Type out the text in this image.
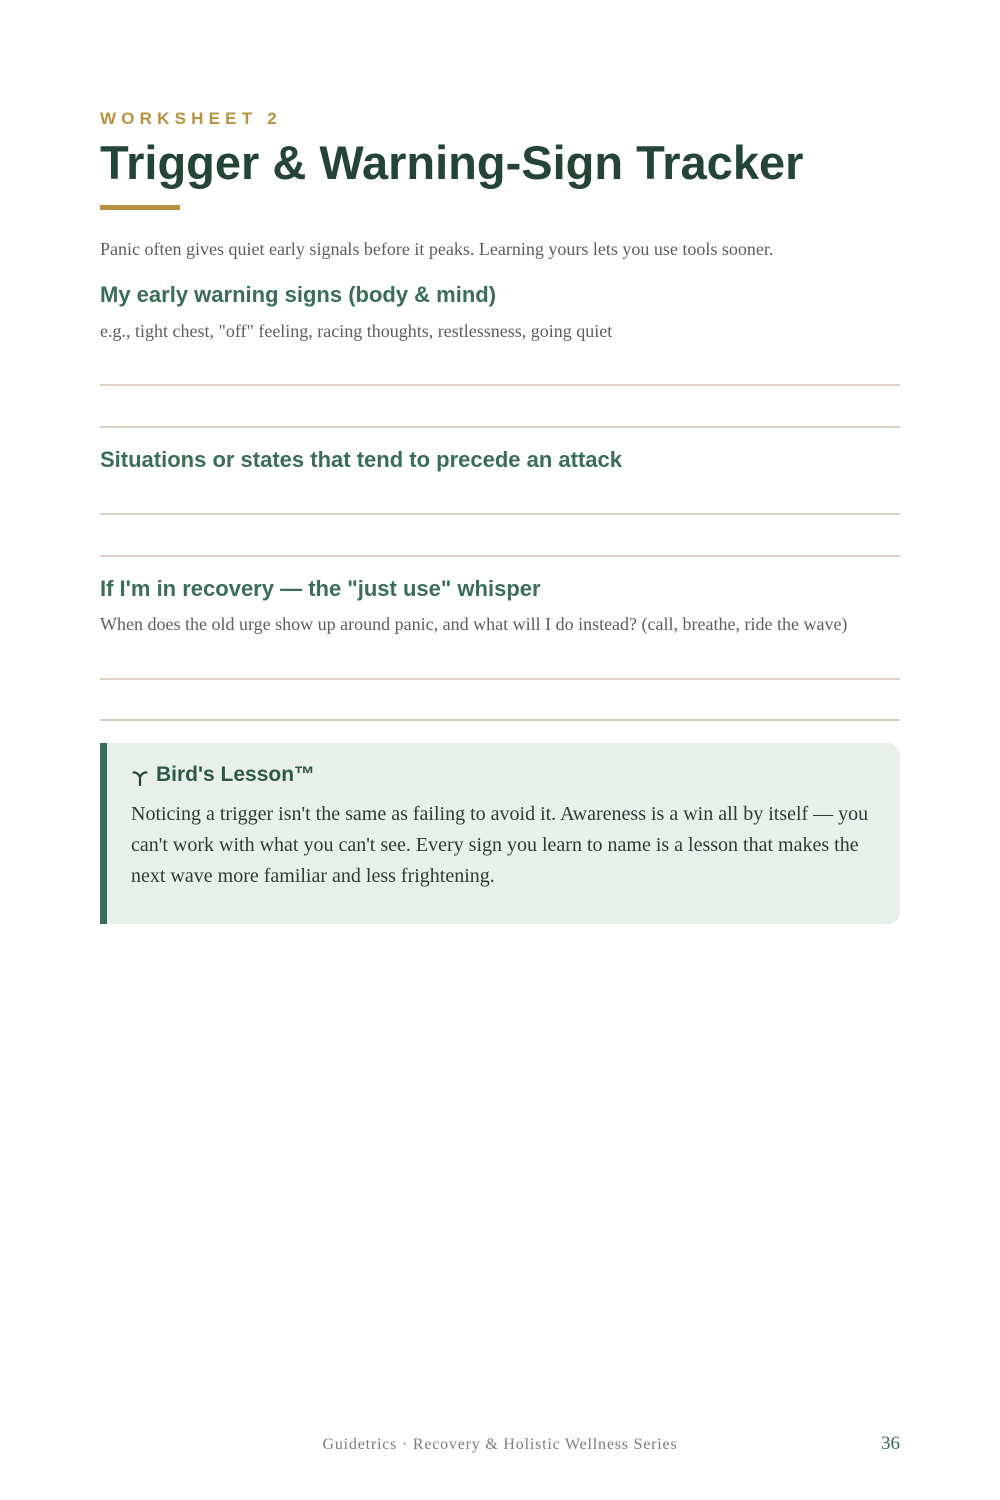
WORKSHEET 2
Trigger & Warning-Sign Tracker
Panic often gives quiet early signals before it peaks. Learning yours lets you use tools sooner.
My early warning signs (body & mind)
e.g., tight chest, "off" feeling, racing thoughts, restlessness, going quiet
Situations or states that tend to precede an attack
If I'm in recovery — the "just use" whisper
When does the old urge show up around panic, and what will I do instead? (call, breathe, ride the wave)
Bird's Lesson™

Noticing a trigger isn't the same as failing to avoid it. Awareness is a win all by itself — you can't work with what you can't see. Every sign you learn to name is a lesson that makes the next wave more familiar and less frightening.

Guidetrics · Recovery & Holistic Wellness Series	36
